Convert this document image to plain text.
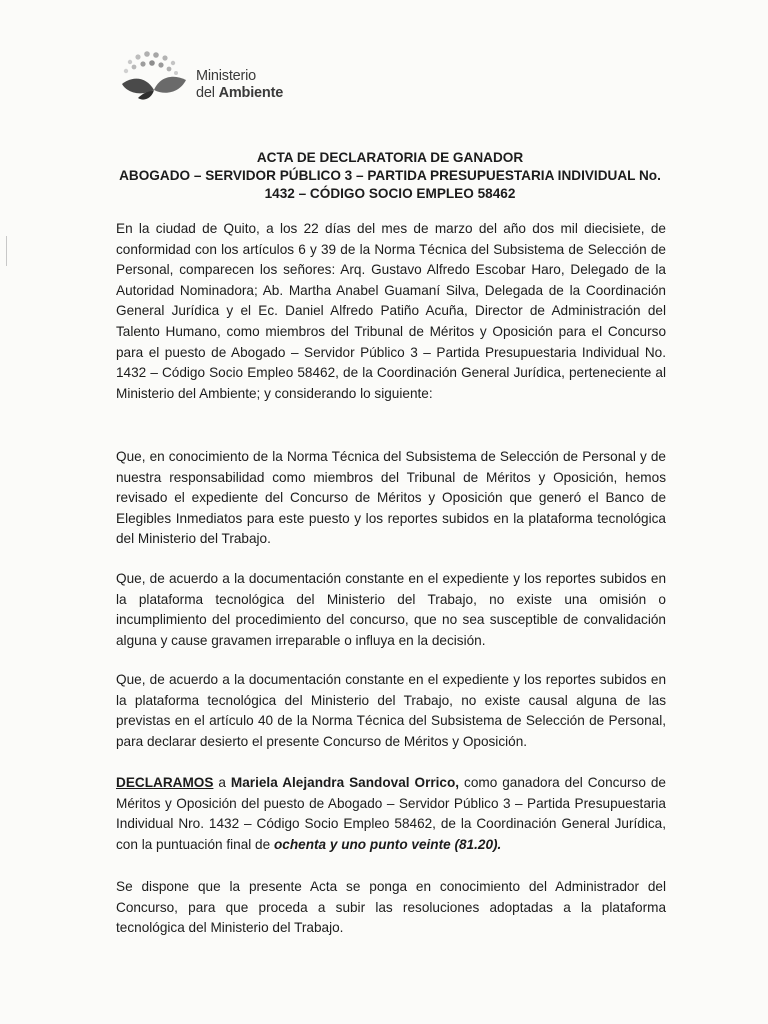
Ministerio
del Ambiente
ACTA DE DECLARATORIA DE GANADOR
ABOGADO – SERVIDOR PÚBLICO 3 – PARTIDA PRESUPUESTARIA INDIVIDUAL No.
1432 – CÓDIGO SOCIO EMPLEO 58462
En la ciudad de Quito, a los 22 días del mes de marzo del año dos mil diecisiete, de conformidad con los artículos 6 y 39 de la Norma Técnica del Subsistema de Selección de Personal, comparecen los señores: Arq. Gustavo Alfredo Escobar Haro, Delegado de la Autoridad Nominadora; Ab. Martha Anabel Guamaní Silva, Delegada de la Coordinación General Jurídica y el Ec. Daniel Alfredo Patiño Acuña, Director de Administración del Talento Humano, como miembros del Tribunal de Méritos y Oposición para el Concurso para el puesto de Abogado – Servidor Público 3 – Partida Presupuestaria Individual No. 1432 – Código Socio Empleo 58462, de la Coordinación General Jurídica, perteneciente al Ministerio del Ambiente; y considerando lo siguiente:
Que, en conocimiento de la Norma Técnica del Subsistema de Selección de Personal y de nuestra responsabilidad como miembros del Tribunal de Méritos y Oposición, hemos revisado el expediente del Concurso de Méritos y Oposición que generó el Banco de Elegibles Inmediatos para este puesto y los reportes subidos en la plataforma tecnológica del Ministerio del Trabajo.
Que, de acuerdo a la documentación constante en el expediente y los reportes subidos en la plataforma tecnológica del Ministerio del Trabajo, no existe una omisión o incumplimiento del procedimiento del concurso, que no sea susceptible de convalidación alguna y cause gravamen irreparable o influya en la decisión.
Que, de acuerdo a la documentación constante en el expediente y los reportes subidos en la plataforma tecnológica del Ministerio del Trabajo, no existe causal alguna de las previstas en el artículo 40 de la Norma Técnica del Subsistema de Selección de Personal, para declarar desierto el presente Concurso de Méritos y Oposición.
DECLARAMOS a Mariela Alejandra Sandoval Orrico, como ganadora del Concurso de Méritos y Oposición del puesto de Abogado – Servidor Público 3 – Partida Presupuestaria Individual Nro. 1432 – Código Socio Empleo 58462, de la Coordinación General Jurídica, con la puntuación final de ochenta y uno punto veinte (81.20).
Se dispone que la presente Acta se ponga en conocimiento del Administrador del Concurso, para que proceda a subir las resoluciones adoptadas a la plataforma tecnológica del Ministerio del Trabajo.
